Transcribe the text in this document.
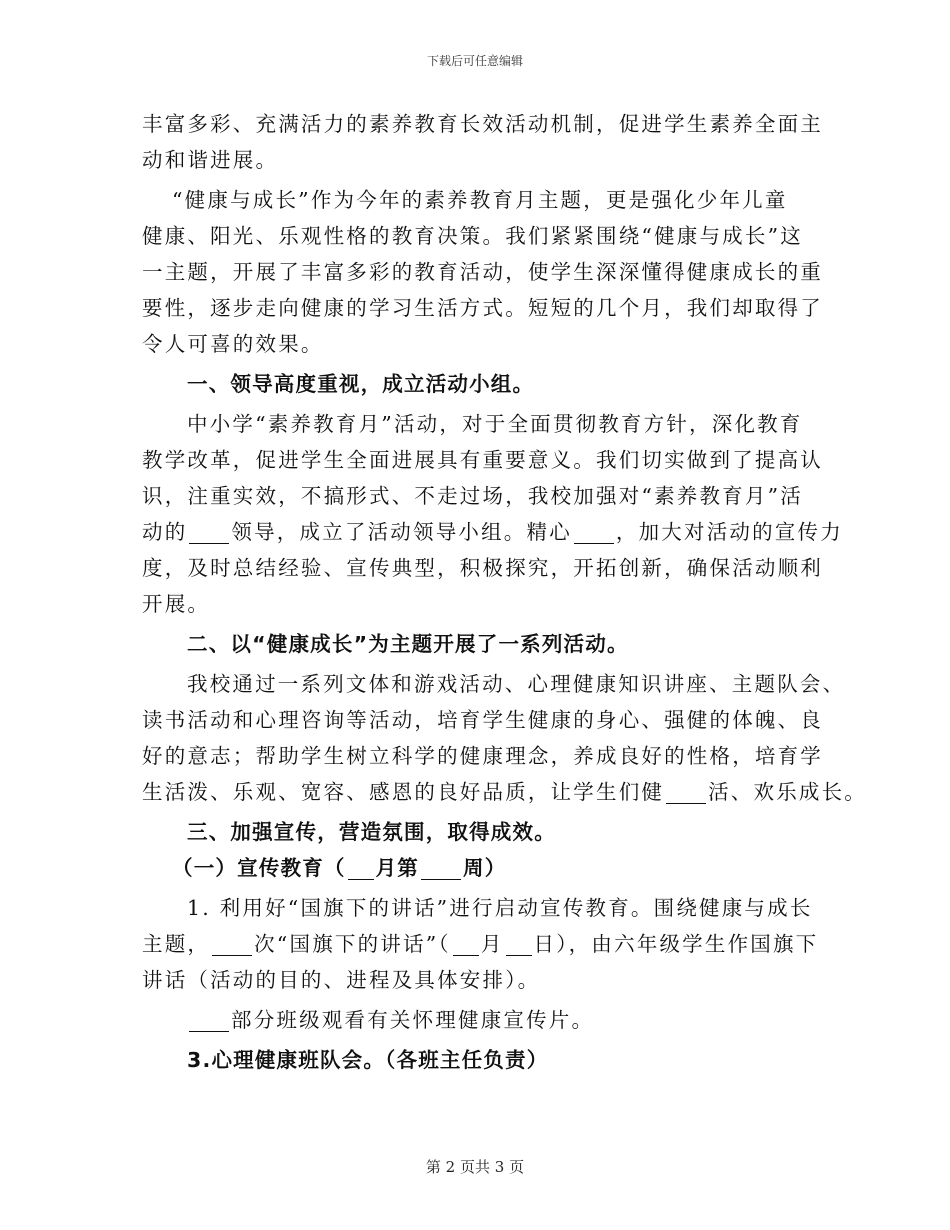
下载后可任意编辑
丰富多彩、充满活力的素养教育长效活动机制，促进学生素养全面主
动和谐进展。
“健康与成长”作为今年的素养教育月主题，更是强化少年儿童
健康、阳光、乐观性格的教育决策。我们紧紧围绕“健康与成长”这
一主题，开展了丰富多彩的教育活动，使学生深深懂得健康成长的重
要性，逐步走向健康的学习生活方式。短短的几个月，我们却取得了
令人可喜的效果。
一、领导高度重视，成立活动小组。
中小学“素养教育月”活动，对于全面贯彻教育方针，深化教育
教学改革，促进学生全面进展具有重要意义。我们切实做到了提高认
识，注重实效，不搞形式、不走过场，我校加强对“素养教育月”活
动的 领导，成立了活动领导小组。精心 ，加大对活动的宣传力
度，及时总结经验、宣传典型，积极探究，开拓创新，确保活动顺利
开展。
二、以“健康成长”为主题开展了一系列活动。
我校通过一系列文体和游戏活动、心理健康知识讲座、主题队会、
读书活动和心理咨询等活动，培育学生健康的身心、强健的体魄、良
好的意志；帮助学生树立科学的健康理念，养成良好的性格，培育学
生活泼、乐观、宽容、感恩的良好品质，让学生们健 活、欢乐成长。
三、加强宣传，营造氛围，取得成效。
（一）宣传教育（ 月第 周）
1. 利用好“国旗下的讲话”进行启动宣传教育。围绕健康与成长
主题， 次“国旗下的讲话”（ 月 日），由六年级学生作国旗下
讲话（活动的目的、进程及具体安排）。
部分班级观看有关怀理健康宣传片。
3.心理健康班队会。（各班主任负责）
第 2 页共 3 页
